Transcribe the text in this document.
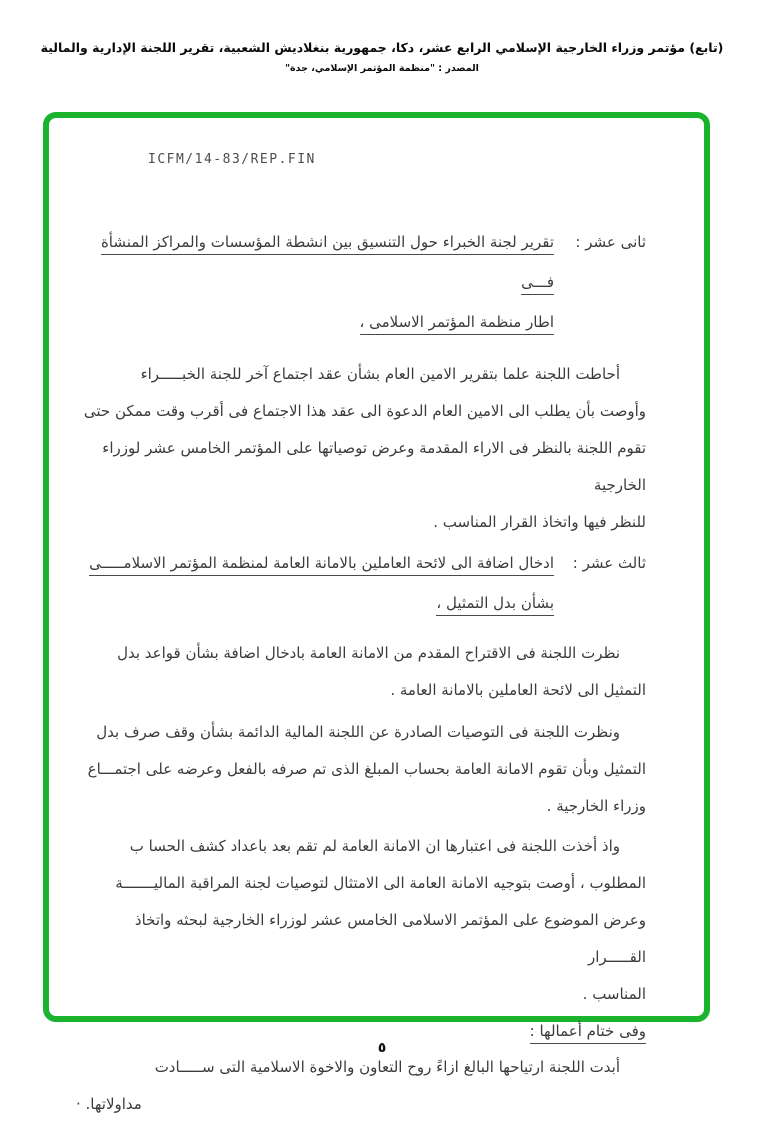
(تابع) مؤتمر وزراء الخارجية الإسلامي الرابع عشر، دكا، جمهورية بنغلاديش الشعبية، تقرير اللجنة الإدارية والمالية
المصدر : "منظمة المؤتمر الإسلامي، جدة"
ICFM/14-83/REP.FIN
ثانى عشر :
تقرير لجنة الخبراء حول التنسيق بين انشطة المؤسسات والمراكز المنشأة فـــى
اطار منظمة المؤتمر الاسلامى ،
أحاطت اللجنة علما بتقرير الامين العام بشأن عقد اجتماع آخر للجنة الخبـــــراء
وأوصت بأن يطلب الى الامين العام الدعوة الى عقد هذا الاجتماع فى أقرب وقت ممكن حتى
تقوم اللجنة بالنظر فى الاراء المقدمة وعرض توصياتها على المؤتمر الخامس عشر لوزراء الخارجية
للنظر فيها واتخاذ القرار المناسب .
ثالث عشر :
ادخال اضافة الى لائحة العاملين بالامانة العامة لمنظمة المؤتمر الاسلامـــــى
بشأن بدل التمثيل ،
نظرت اللجنة فى الاقتراح المقدم من الامانة العامة بادخال اضافة بشأن قواعد بدل
التمثيل الى لائحة العاملين بالامانة العامة .
ونظرت اللجنة فى التوصيات الصادرة عن اللجنة المالية الدائمة بشأن وقف صرف بدل
التمثيل وبأن تقوم الامانة العامة بحساب المبلغ الذى تم صرفه بالفعل وعرضه على اجتمـــاع
وزراء الخارجية .
واذ أخذت اللجنة فى اعتبارها ان الامانة العامة لم تقم بعد باعداد كشف الحسا ب
المطلوب ، أوصت بتوجيه الامانة العامة الى الامتثال لتوصيات لجنة المراقبة الماليـــــــة
وعرض الموضوع على المؤتمر الاسلامى الخامس عشر لوزراء الخارجية لبحثه واتخاذ القـــــرار
المناسب .
وفى ختام أعمالها :
أبدت اللجنة ارتياحها البالغ ازاءً روح التعاون والاخوة الاسلامية التى ســـــادت
مداولاتها. ·
٥
